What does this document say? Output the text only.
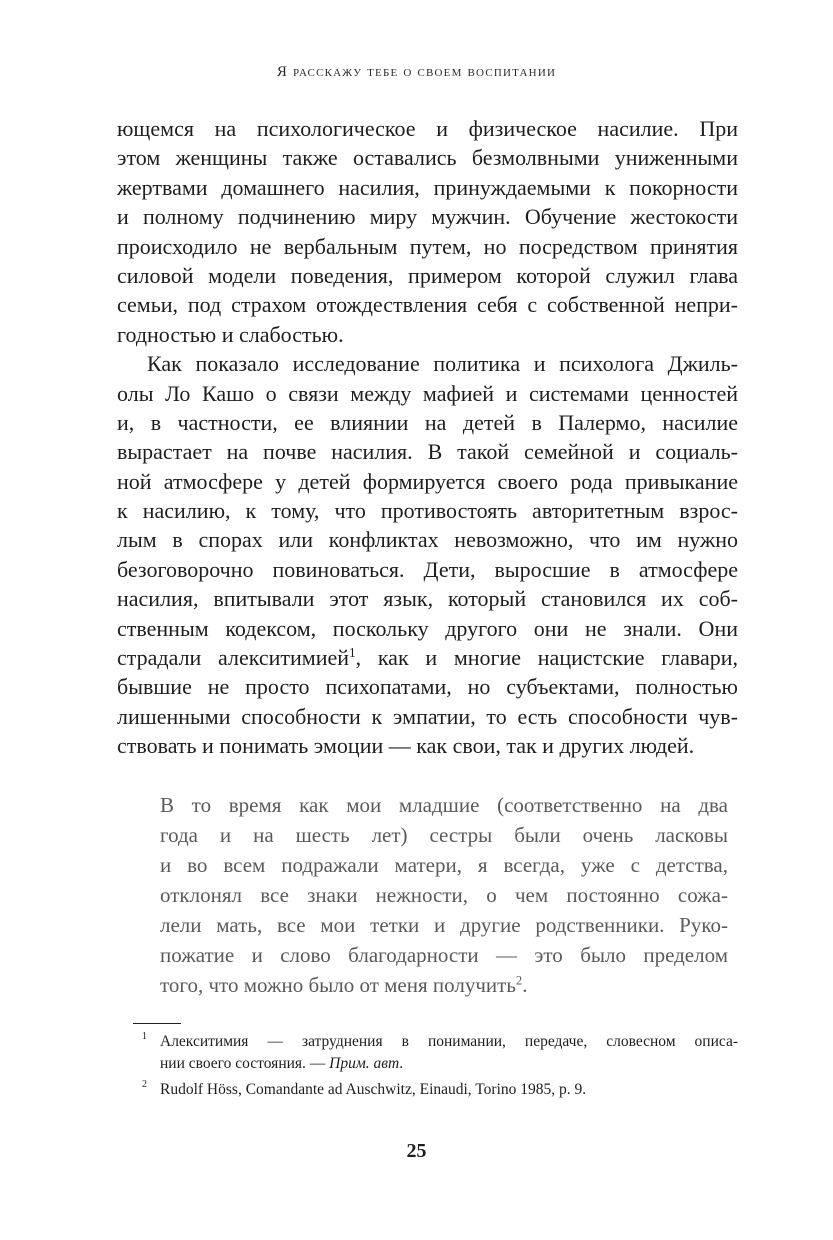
Я расскажу тебе о своем воспитании
ющемся на психологическое и физическое насилие. При
этом женщины также оставались безмолвными униженными
жертвами домашнего насилия, принуждаемыми к покорности
и полному подчинению миру мужчин. Обучение жестокости
происходило не вербальным путем, но посредством принятия
силовой модели поведения, примером которой служил глава
семьи, под страхом отождествления себя с собственной непри-
годностью и слабостью.
Как показало исследование политика и психолога Джиль-
олы Ло Кашо о связи между мафией и системами ценностей
и, в частности, ее влиянии на детей в Палермо, насилие
вырастает на почве насилия. В такой семейной и социаль-
ной атмосфере у детей формируется своего рода привыкание
к насилию, к тому, что противостоять авторитетным взрос-
лым в спорах или конфликтах невозможно, что им нужно
безоговорочно повиноваться. Дети, выросшие в атмосфере
насилия, впитывали этот язык, который становился их соб-
ственным кодексом, поскольку другого они не знали. Они
страдали алекситимией$^1$, как и многие нацистские главари,
бывшие не просто психопатами, но субъектами, полностью
лишенными способности к эмпатии, то есть способности чув-
ствовать и понимать эмоции — как свои, так и других людей.
В то время как мои младшие (соответственно на два
года и на шесть лет) сестры были очень ласковы
и во всем подражали матери, я всегда, уже с детства,
отклонял все знаки нежности, о чем постоянно сожа-
лели мать, все мои тетки и другие родственники. Руко-
пожатие и слово благодарности — это было пределом
того, что можно было от меня получить$^2$.
1 Алекситимия — затруднения в понимании, передаче, словесном описа-
нии своего состояния. — Прим. авт.
2 Rudolf Höss, Comandante ad Auschwitz, Einaudi, Torino 1985, p. 9.
25
